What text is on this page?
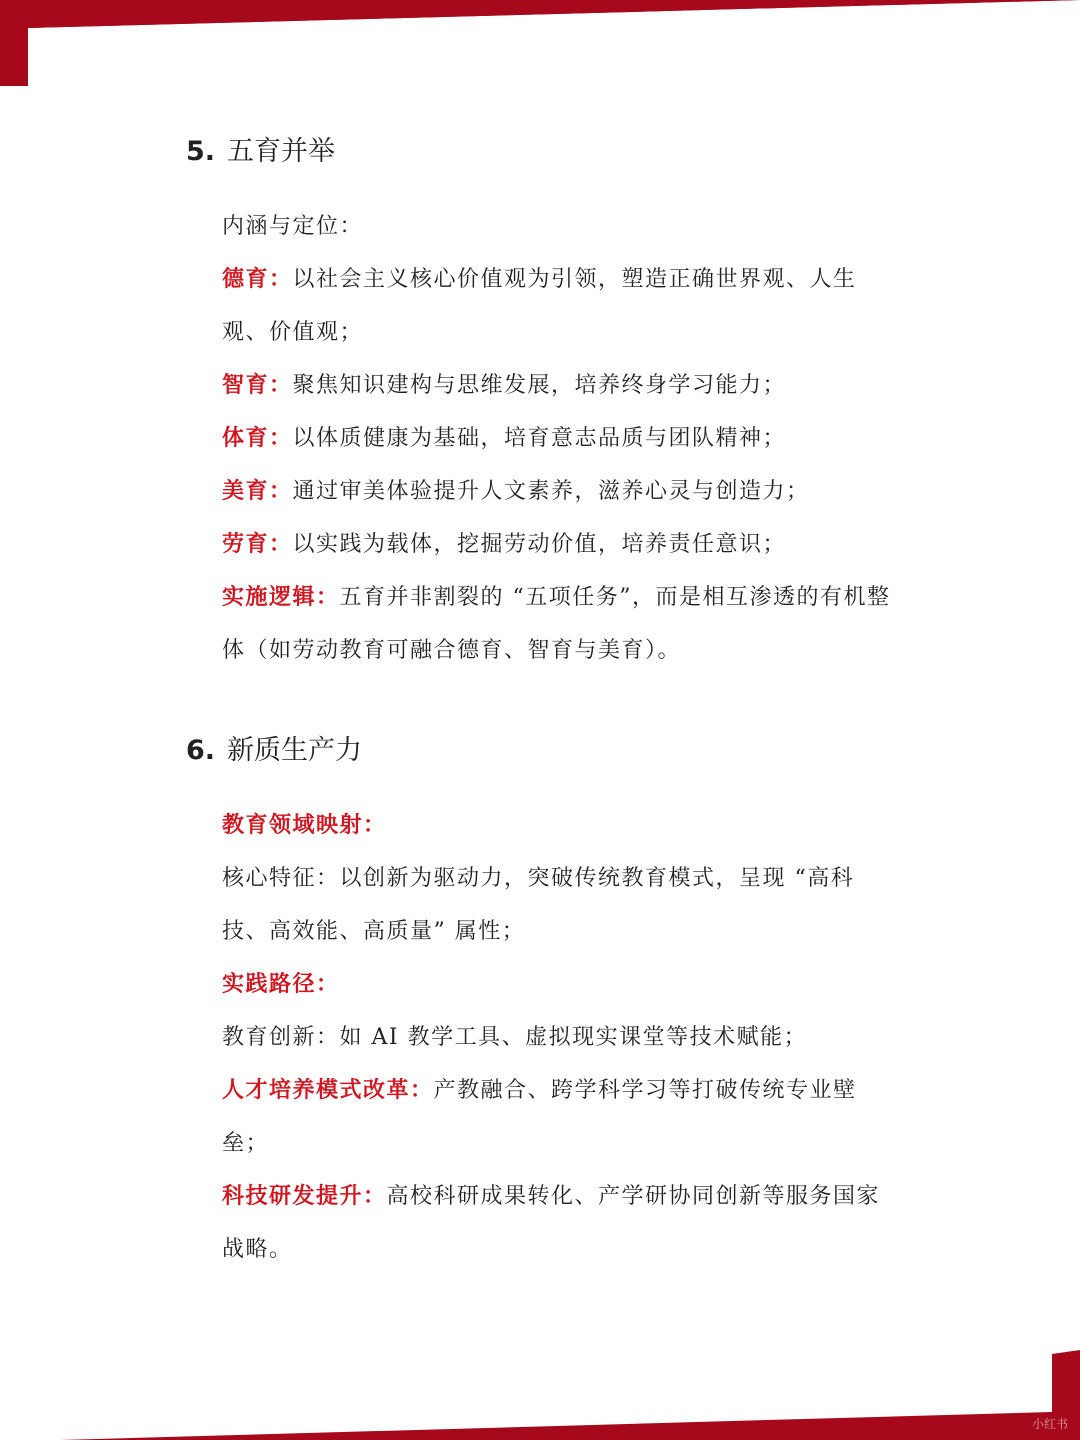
小红书
5. 五育并举

内涵与定位：

德育：以社会主义核心价值观为引领，塑造正确世界观、人生观、价值观；

智育：聚焦知识建构与思维发展，培养终身学习能力；

体育：以体质健康为基础，培育意志品质与团队精神；

美育：通过审美体验提升人文素养，滋养心灵与创造力；

劳育：以实践为载体，挖掘劳动价值，培养责任意识；

实施逻辑：五育并非割裂的 “五项任务”，而是相互渗透的有机整体（如劳动教育可融合德育、智育与美育）。

6. 新质生产力

教育领域映射：

核心特征：以创新为驱动力，突破传统教育模式，呈现 “高科技、高效能、高质量” 属性；

实践路径：

教育创新：如 AI 教学工具、虚拟现实课堂等技术赋能；

人才培养模式改革：产教融合、跨学科学习等打破传统专业壁垒；

科技研发提升：高校科研成果转化、产学研协同创新等服务国家战略。
